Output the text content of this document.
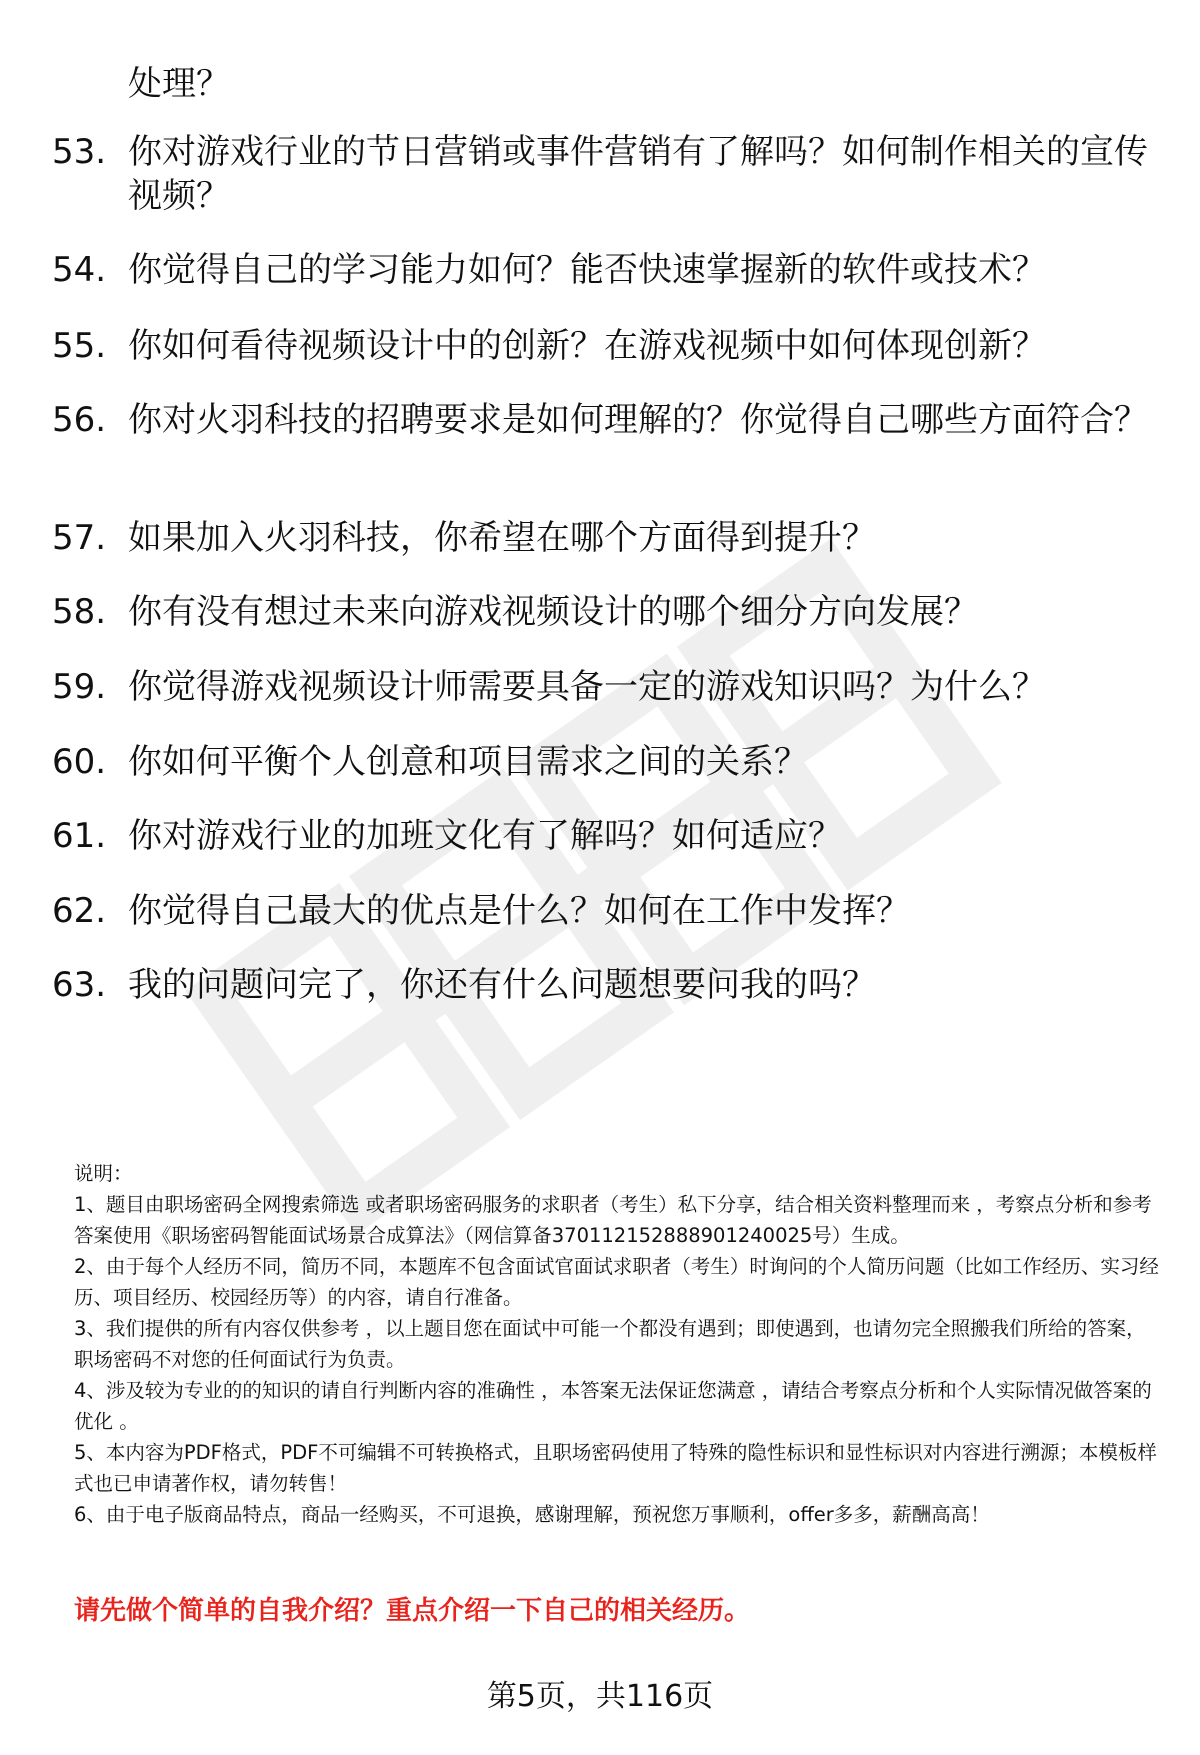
处理？
53. 你对游戏行业的节日营销或事件营销有了解吗？如何制作相关的宣传视频？
54. 你觉得自己的学习能力如何？能否快速掌握新的软件或技术？
55. 你如何看待视频设计中的创新？在游戏视频中如何体现创新？
56. 你对火羽科技的招聘要求是如何理解的？你觉得自己哪些方面符合？
57. 如果加入火羽科技，你希望在哪个方面得到提升？
58. 你有没有想过未来向游戏视频设计的哪个细分方向发展？
59. 你觉得游戏视频设计师需要具备一定的游戏知识吗？为什么？
60. 你如何平衡个人创意和项目需求之间的关系？
61. 你对游戏行业的加班文化有了解吗？如何适应？
62. 你觉得自己最大的优点是什么？如何在工作中发挥？
63. 我的问题问完了，你还有什么问题想要问我的吗？

说明：

1、题目由职场密码全网搜索筛选 或者职场密码服务的求职者（考生）私下分享，结合相关资料整理而来 ，考察点分析和参考答案使用《职场密码智能面试场景合成算法》（网信算备370112152888901240025号）生成。

2、由于每个人经历不同，简历不同，本题库不包含面试官面试求职者（考生）时询问的个人简历问题（比如工作经历、实习经历、项目经历、校园经历等）的内容，请自行准备。

3、我们提供的所有内容仅供参考 ，以上题目您在面试中可能一个都没有遇到；即使遇到，也请勿完全照搬我们所给的答案，职场密码不对您的任何面试行为负责。

4、涉及较为专业的的知识的请自行判断内容的准确性 ，本答案无法保证您满意 ，请结合考察点分析和个人实际情况做答案的优化 。

5、本内容为PDF格式，PDF不可编辑不可转换格式，且职场密码使用了特殊的隐性标识和显性标识对内容进行溯源；本模板样式也已申请著作权，请勿转售！

6、由于电子版商品特点，商品一经购买，不可退换，感谢理解，预祝您万事顺利，offer多多，薪酬高高！

请先做个简单的自我介绍？重点介绍一下自己的相关经历。
第5页，共116页
